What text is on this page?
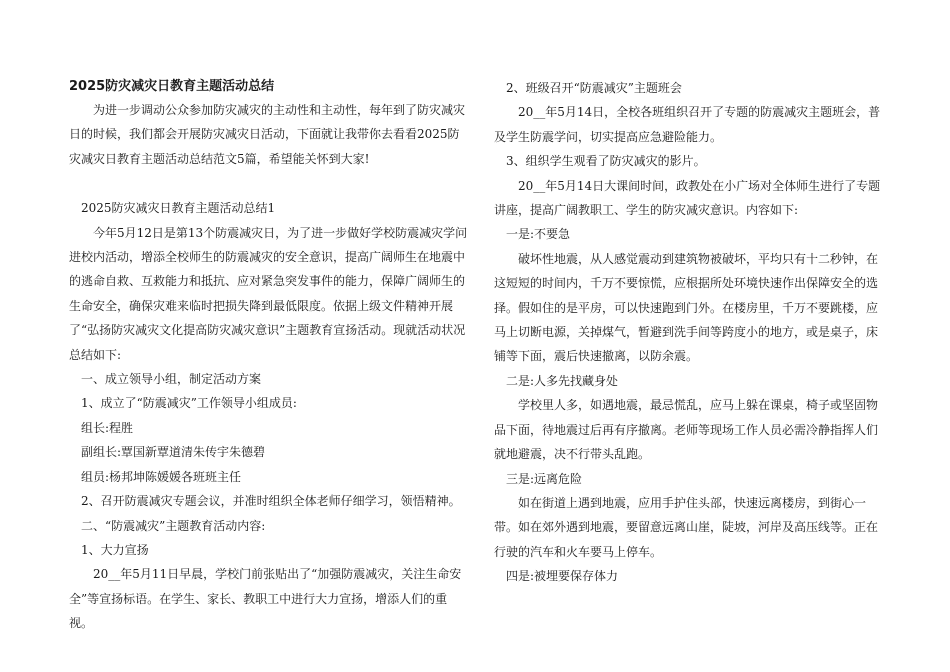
2025防灾减灾日教育主题活动总结

为进一步调动公众参加防灾减灾的主动性和主动性，每年到了防灾减灾日的时候，我们都会开展防灾减灾日活动，下面就让我带你去看看2025防灾减灾日教育主题活动总结范文5篇，希望能关怀到大家!

2025防灾减灾日教育主题活动总结1

今年5月12日是第13个防震减灾日，为了进一步做好学校防震减灾学问进校内活动，增添全校师生的防震减灾的安全意识，提高广阔师生在地震中的逃命自救、互救能力和抵抗、应对紧急突发事件的能力，保障广阔师生的生命安全，确保灾难来临时把损失降到最低限度。依据上级文件精神开展了“弘扬防灾减灾文化提高防灾减灾意识”主题教育宣扬活动。现就活动状况总结如下:

一、成立领导小组，制定活动方案

1、成立了“防震减灾”工作领导小组成员:

组长:程胜

副组长:覃国新覃道清朱传宇朱德碧

组员:杨邦坤陈媛媛各班班主任

2、召开防震减灾专题会议，并准时组织全体老师仔细学习，领悟精神。

二、“防震减灾”主题教育活动内容:

1、大力宣扬

20__年5月11日早晨，学校门前张贴出了“加强防震减灾，关注生命安全”等宣扬标语。在学生、家长、教职工中进行大力宣扬，增添人们的重视。

2、班级召开“防震减灾”主题班会

20__年5月14日，全校各班组织召开了专题的防震减灾主题班会，普及学生防震学问，切实提高应急避险能力。

3、组织学生观看了防灾减灾的影片。

20__年5月14日大课间时间，政教处在小广场对全体师生进行了专题讲座，提高广阔教职工、学生的防灾减灾意识。内容如下:

一是:不要急

破坏性地震，从人感觉震动到建筑物被破坏，平均只有十二秒钟，在这短短的时间内，千万不要惊慌，应根据所处环境快速作出保障安全的选择。假如住的是平房，可以快速跑到门外。在楼房里，千万不要跳楼，应马上切断电源，关掉煤气，暂避到洗手间等跨度小的地方，或是桌子，床铺等下面，震后快速撤离，以防余震。

二是:人多先找藏身处

学校里人多，如遇地震，最忌慌乱，应马上躲在课桌，椅子或坚固物品下面，待地震过后再有序撤离。老师等现场工作人员必需冷静指挥人们就地避震，决不行带头乱跑。

三是:远离危险

如在街道上遇到地震，应用手护住头部，快速远离楼房，到街心一带。如在郊外遇到地震，要留意远离山崖，陡坡，河岸及高压线等。正在行驶的汽车和火车要马上停车。

四是:被埋要保存体力
